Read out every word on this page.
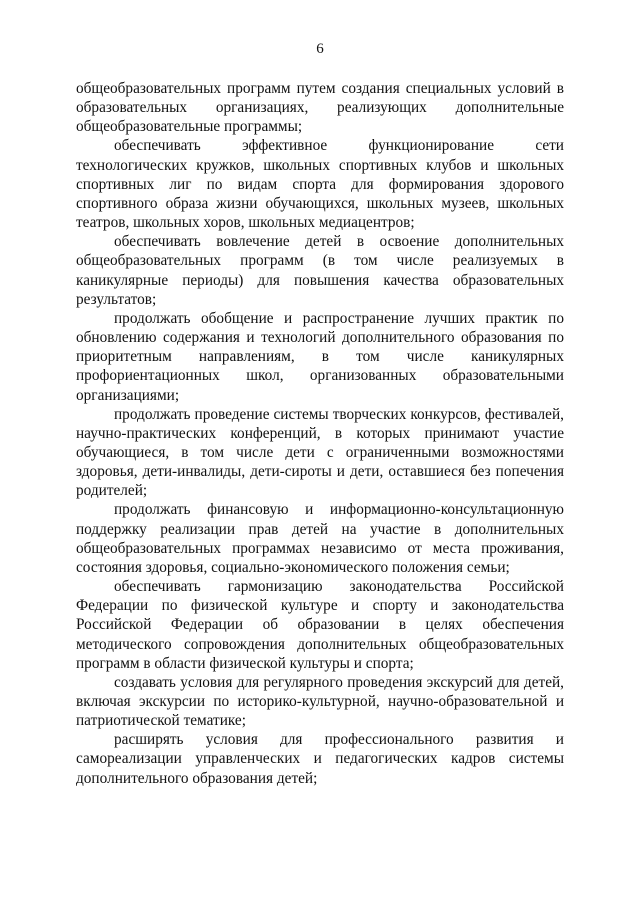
6

общеобразовательных программ путем создания специальных условий в образовательных организациях, реализующих дополнительные общеобразовательные программы;

обеспечивать эффективное функционирование сети технологических кружков, школьных спортивных клубов и школьных спортивных лиг по видам спорта для формирования здорового спортивного образа жизни обучающихся, школьных музеев, школьных театров, школьных хоров, школьных медиацентров;

обеспечивать вовлечение детей в освоение дополнительных общеобразовательных программ (в том числе реализуемых в каникулярные периоды) для повышения качества образовательных результатов;

продолжать обобщение и распространение лучших практик по обновлению содержания и технологий дополнительного образования по приоритетным направлениям, в том числе каникулярных профориентационных школ, организованных образовательными организациями;

продолжать проведение системы творческих конкурсов, фестивалей, научно-практических конференций, в которых принимают участие обучающиеся, в том числе дети с ограниченными возможностями здоровья, дети-инвалиды, дети-сироты и дети, оставшиеся без попечения родителей;

продолжать финансовую и информационно-консультационную поддержку реализации прав детей на участие в дополнительных общеобразовательных программах независимо от места проживания, состояния здоровья, социально-экономического положения семьи;

обеспечивать гармонизацию законодательства Российской Федерации по физической культуре и спорту и законодательства Российской Федерации об образовании в целях обеспечения методического сопровождения дополнительных общеобразовательных программ в области физической культуры и спорта;

создавать условия для регулярного проведения экскурсий для детей, включая экскурсии по историко-культурной, научно-образовательной и патриотической тематике;

расширять условия для профессионального развития и самореализации управленческих и педагогических кадров системы дополнительного образования детей;
